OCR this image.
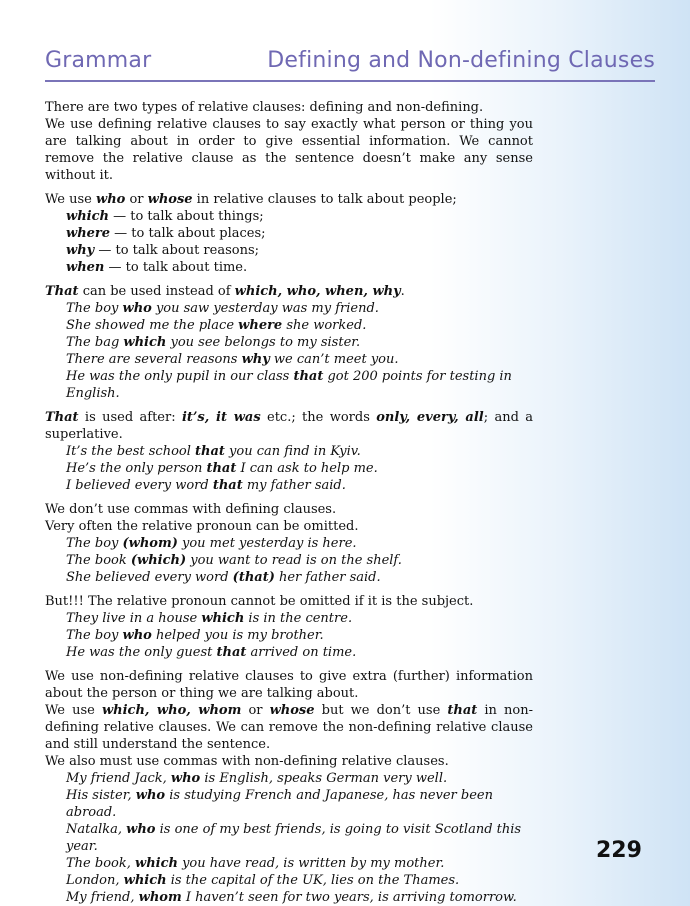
Grammar	Defining and Non-defining Clauses

There are two types of relative clauses: defining and non-defining.

We use defining relative clauses to say exactly what person or thing you are talking about in order to give essential information. We cannot remove the relative clause as the sentence doesn’t make any sense without it.

We use who or whose in relative clauses to talk about people;

which — to talk about things;

where — to talk about places;

why — to talk about reasons;

when — to talk about time.

That can be used instead of which, who, when, why.

The boy who you saw yesterday was my friend.

She showed me the place where she worked.

The bag which you see belongs to my sister.

There are several reasons why we can’t meet you.

He was the only pupil in our class that got 200 points for testing in English.

That is used after: it’s, it was etc.; the words only, every, all; and a superlative.

It’s the best school that you can find in Kyiv.

He’s the only person that I can ask to help me.

I believed every word that my father said.

We don’t use commas with defining clauses.

Very often the relative pronoun can be omitted.

The boy (whom) you met yesterday is here.

The book (which) you want to read is on the shelf.

She believed every word (that) her father said.

But!!! The relative pronoun cannot be omitted if it is the subject.

They live in a house which is in the centre.

The boy who helped you is my brother.

He was the only guest that arrived on time.

We use non-defining relative clauses to give extra (further) information about the person or thing we are talking about.

We use which, who, whom or whose but we don’t use that in non-defining relative clauses. We can remove the non-defining relative clause and still understand the sentence.

We also must use commas with non-defining relative clauses.

My friend Jack, who is English, speaks German very well.

His sister, who is studying French and Japanese, has never been abroad.

Natalka, who is one of my best friends, is going to visit Scotland this year.

The book, which you have read, is written by my mother.

London, which is the capital of the UK, lies on the Thames.

My friend, whom I haven’t seen for two years, is arriving tomorrow.

229
